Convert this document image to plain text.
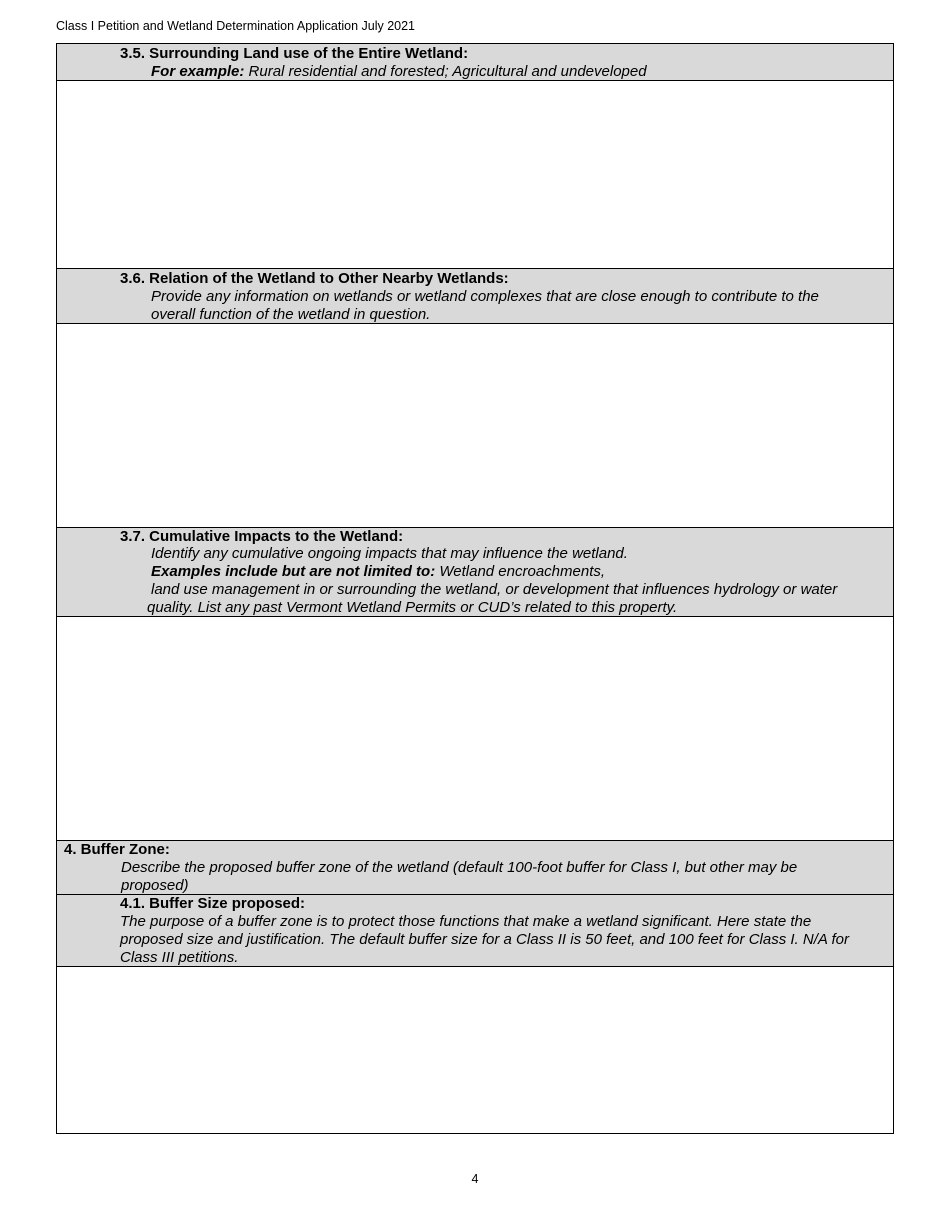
Class I Petition and Wetland Determination Application July 2021
3.5. Surrounding Land use of the Entire Wetland:
For example: Rural residential and forested; Agricultural and undeveloped
3.6. Relation of the Wetland to Other Nearby Wetlands:
Provide any information on wetlands or wetland complexes that are close enough to contribute to the
overall function of the wetland in question.
3.7. Cumulative Impacts to the Wetland:
Identify any cumulative ongoing impacts that may influence the wetland.
Examples include but are not limited to: Wetland encroachments,
land use management in or surrounding the wetland, or development that influences hydrology or water
quality. List any past Vermont Wetland Permits or CUD’s related to this property.
4. Buffer Zone:
Describe the proposed buffer zone of the wetland (default 100-foot buffer for Class I, but other may be
proposed)
4.1. Buffer Size proposed:
The purpose of a buffer zone is to protect those functions that make a wetland significant. Here state the
proposed size and justification. The default buffer size for a Class II is 50 feet, and 100 feet for Class I. N/A for
Class III petitions.
4
